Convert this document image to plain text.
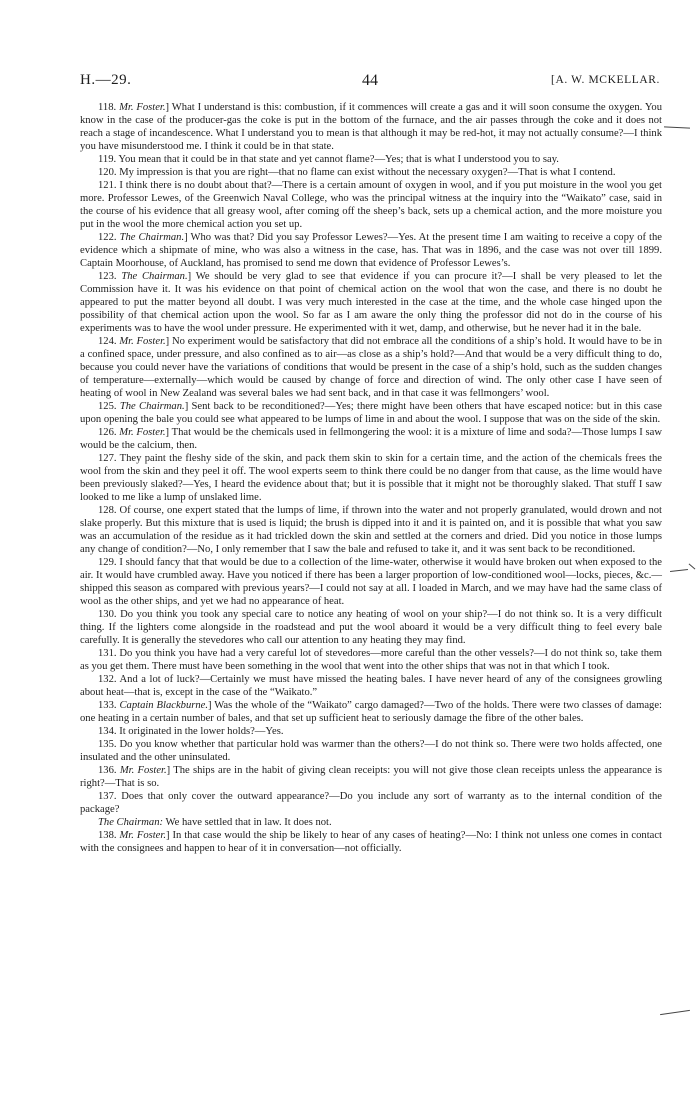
H.—29.	44	[A. W. MCKELLAR.

118. Mr. Foster.] What I understand is this: combustion, if it commences will create a gas and it will soon consume the oxygen. You know in the case of the producer-gas the coke is put in the bottom of the furnace, and the air passes through the coke and it does not reach a stage of incandescence. What I understand you to mean is that although it may be red-hot, it may not actually consume?—I think you have misunderstood me. I think it could be in that state.

119. You mean that it could be in that state and yet cannot flame?—Yes; that is what I understood you to say.

120. My impression is that you are right—that no flame can exist without the necessary oxygen?—That is what I contend.

121. I think there is no doubt about that?—There is a certain amount of oxygen in wool, and if you put moisture in the wool you get more. Professor Lewes, of the Greenwich Naval College, who was the principal witness at the inquiry into the “Waikato” case, said in the course of his evidence that all greasy wool, after coming off the sheep’s back, sets up a chemical action, and the more moisture you put in the wool the more chemical action you set up.

122. The Chairman.] Who was that? Did you say Professor Lewes?—Yes. At the present time I am waiting to receive a copy of the evidence which a shipmate of mine, who was also a witness in the case, has. That was in 1896, and the case was not over till 1899. Captain Moorhouse, of Auckland, has promised to send me down that evidence of Professor Lewes’s.

123. The Chairman.] We should be very glad to see that evidence if you can procure it?—I shall be very pleased to let the Commission have it. It was his evidence on that point of chemical action on the wool that won the case, and there is no doubt he appeared to put the matter beyond all doubt. I was very much interested in the case at the time, and the whole case hinged upon the possibility of that chemical action upon the wool. So far as I am aware the only thing the professor did not do in the course of his experiments was to have the wool under pressure. He experimented with it wet, damp, and otherwise, but he never had it in the bale.

124. Mr. Foster.] No experiment would be satisfactory that did not embrace all the conditions of a ship’s hold. It would have to be in a confined space, under pressure, and also confined as to air—as close as a ship’s hold?—And that would be a very difficult thing to do, because you could never have the variations of conditions that would be present in the case of a ship’s hold, such as the sudden changes of temperature—externally—which would be caused by change of force and direction of wind. The only other case I have seen of heating of wool in New Zealand was several bales we had sent back, and in that case it was fellmongers’ wool.

125. The Chairman.] Sent back to be reconditioned?—Yes; there might have been others that have escaped notice: but in this case upon opening the bale you could see what appeared to be lumps of lime in and about the wool. I suppose that was on the side of the skin.

126. Mr. Foster.] That would be the chemicals used in fellmongering the wool: it is a mixture of lime and soda?—Those lumps I saw would be the calcium, then.

127. They paint the fleshy side of the skin, and pack them skin to skin for a certain time, and the action of the chemicals frees the wool from the skin and they peel it off. The wool experts seem to think there could be no danger from that cause, as the lime would have been previously slaked?—Yes, I heard the evidence about that; but it is possible that it might not be thoroughly slaked. That stuff I saw looked to me like a lump of unslaked lime.

128. Of course, one expert stated that the lumps of lime, if thrown into the water and not properly granulated, would drown and not slake properly. But this mixture that is used is liquid; the brush is dipped into it and it is painted on, and it is possible that what you saw was an accumulation of the residue as it had trickled down the skin and settled at the corners and dried. Did you notice in those lumps any change of condition?—No, I only remember that I saw the bale and refused to take it, and it was sent back to be reconditioned.

129. I should fancy that that would be due to a collection of the lime-water, otherwise it would have broken out when exposed to the air. It would have crumbled away. Have you noticed if there has been a larger proportion of low-conditioned wool—locks, pieces, &c.—shipped this season as compared with previous years?—I could not say at all. I loaded in March, and we may have had the same class of wool as the other ships, and yet we had no appearance of heat.

130. Do you think you took any special care to notice any heating of wool on your ship?—I do not think so. It is a very difficult thing. If the lighters come alongside in the roadstead and put the wool aboard it would be a very difficult thing to feel every bale carefully. It is generally the stevedores who call our attention to any heating they may find.

131. Do you think you have had a very careful lot of stevedores—more careful than the other vessels?—I do not think so, take them as you get them. There must have been something in the wool that went into the other ships that was not in that which I took.

132. And a lot of luck?—Certainly we must have missed the heating bales. I have never heard of any of the consignees growling about heat—that is, except in the case of the “Waikato.”

133. Captain Blackburne.] Was the whole of the “Waikato” cargo damaged?—Two of the holds. There were two classes of damage: one heating in a certain number of bales, and that set up sufficient heat to seriously damage the fibre of the other bales.

134. It originated in the lower holds?—Yes.

135. Do you know whether that particular hold was warmer than the others?—I do not think so. There were two holds affected, one insulated and the other uninsulated.

136. Mr. Foster.] The ships are in the habit of giving clean receipts: you will not give those clean receipts unless the appearance is right?—That is so.

137. Does that only cover the outward appearance?—Do you include any sort of warranty as to the internal condition of the package?

The Chairman: We have settled that in law. It does not.

138. Mr. Foster.] In that case would the ship be likely to hear of any cases of heating?—No: I think not unless one comes in contact with the consignees and happen to hear of it in conversation—not officially.
